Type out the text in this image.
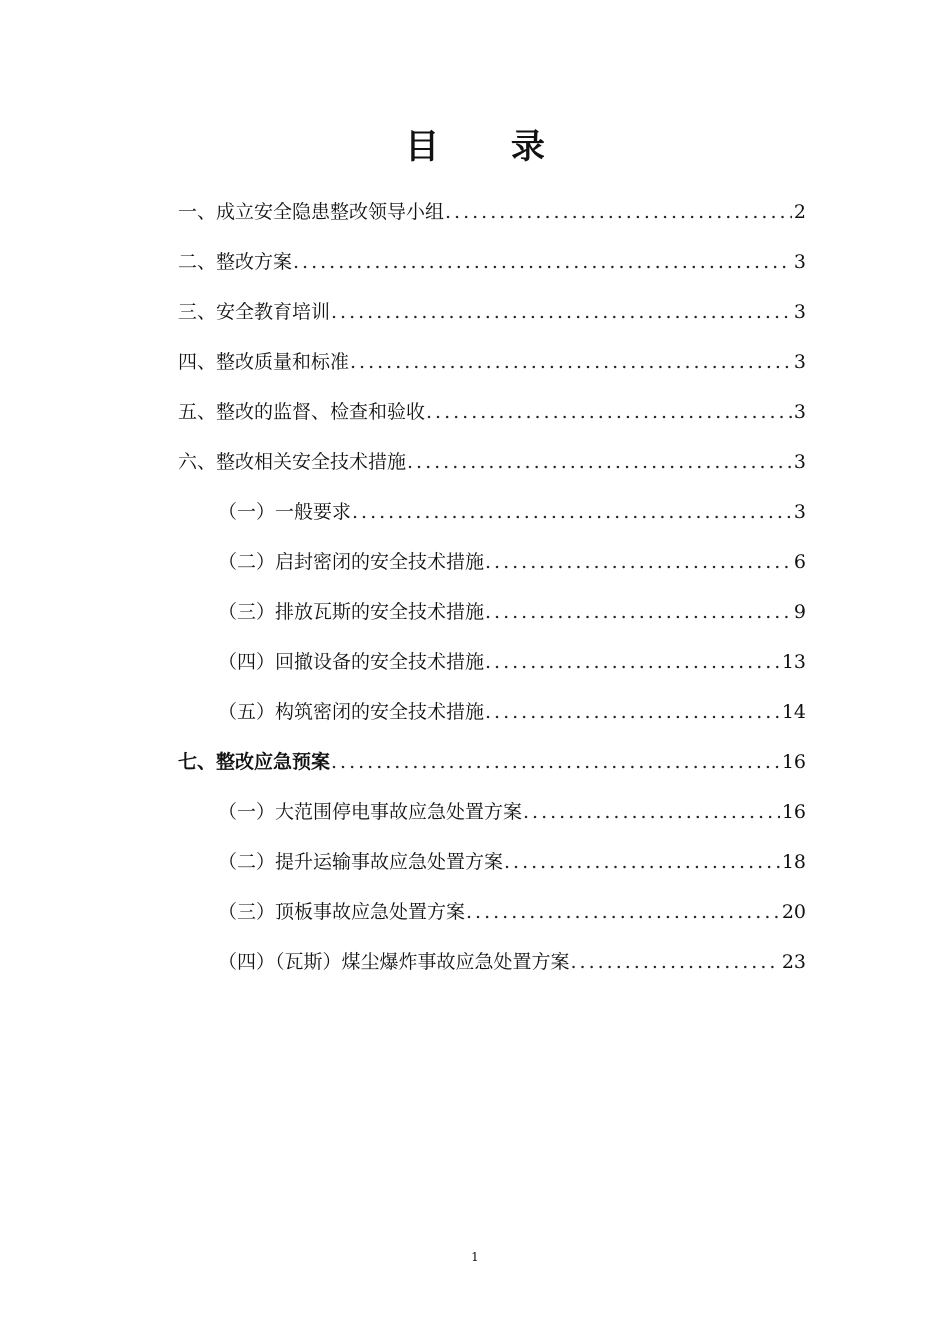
目 录
一、成立安全隐患整改领导小组 .....	2
二、整改方案 .....	3
三、安全教育培训 .....	3
四、整改质量和标准 .....	3
五、整改的监督、检查和验收 .....	3
六、整改相关安全技术措施 .....	3
（一）一般要求 .....	3
（二）启封密闭的安全技术措施 .....	6
（三）排放瓦斯的安全技术措施 .....	9
（四）回撤设备的安全技术措施 .....	13
（五）构筑密闭的安全技术措施 .....	14
七、整改应急预案 .....	16
（一）大范围停电事故应急处置方案 .....	16
（二）提升运输事故应急处置方案 .....	18
（三）顶板事故应急处置方案 .....	20
（四）（瓦斯）煤尘爆炸事故应急处置方案 .....	23
1
